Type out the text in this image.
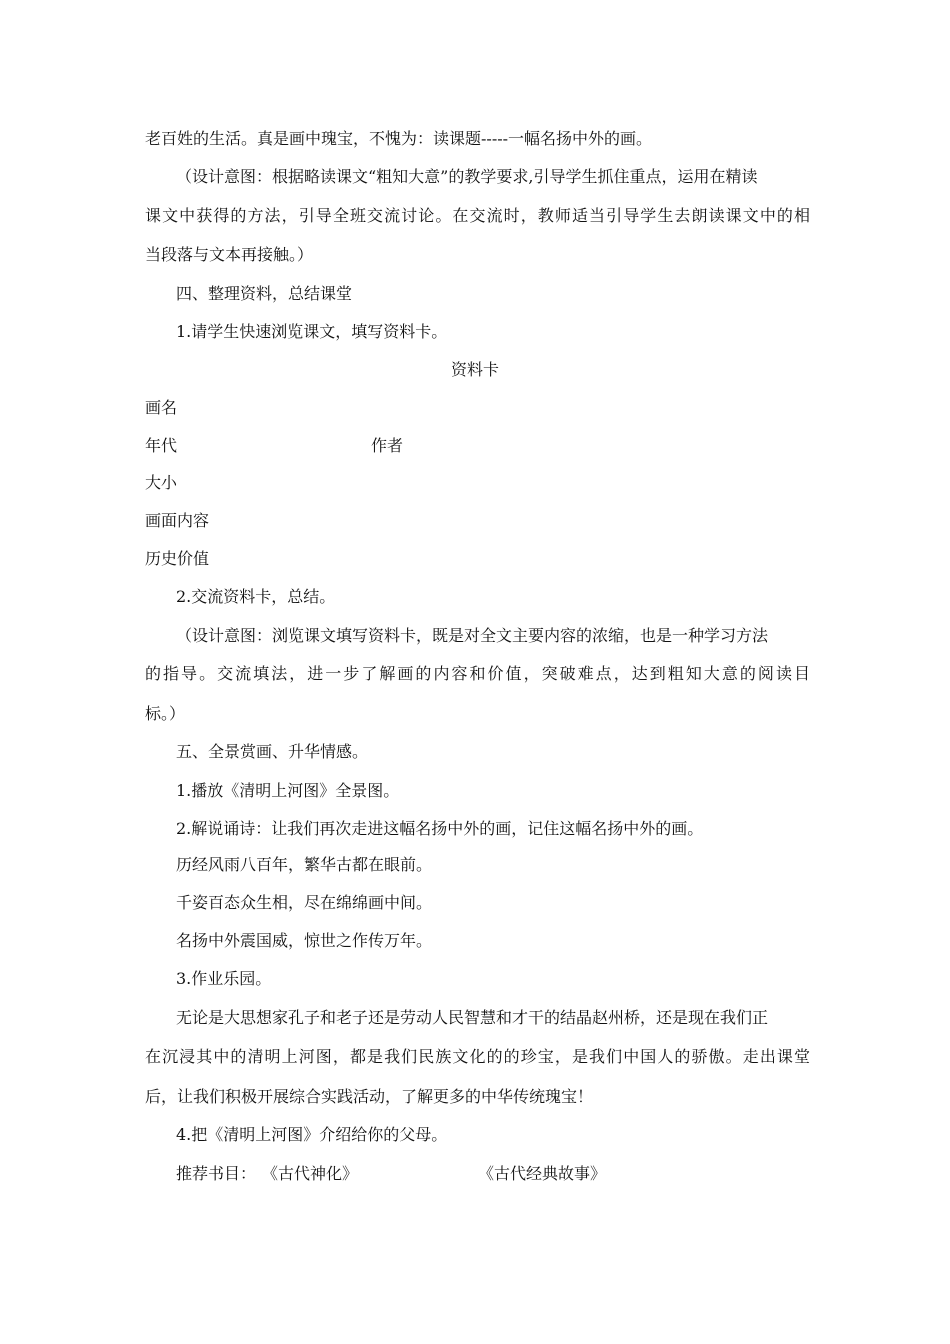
老百姓的生活。真是画中瑰宝，不愧为：读课题-----一幅名扬中外的画。
（设计意图：根据略读课文“粗知大意”的教学要求,引导学生抓住重点，运用在精读
课文中获得的方法，引导全班交流讨论。在交流时，教师适当引导学生去朗读课文中的相
当段落与文本再接触。）
四、整理资料，总结课堂
1.请学生快速浏览课文，填写资料卡。
资料卡
画名
年代	作者
大小
画面内容
历史价值
2.交流资料卡，总结。
（设计意图：浏览课文填写资料卡，既是对全文主要内容的浓缩，也是一种学习方法
的指导。交流填法，进一步了解画的内容和价值，突破难点，达到粗知大意的阅读目
标。）
五、全景赏画、升华情感。
1.播放《清明上河图》全景图。
2.解说诵诗：让我们再次走进这幅名扬中外的画，记住这幅名扬中外的画。
历经风雨八百年，繁华古都在眼前。
千姿百态众生相，尽在绵绵画中间。
名扬中外震国威，惊世之作传万年。
3.作业乐园。
无论是大思想家孔子和老子还是劳动人民智慧和才干的结晶赵州桥，还是现在我们正
在沉浸其中的清明上河图，都是我们民族文化的的珍宝，是我们中国人的骄傲。走出课堂
后，让我们积极开展综合实践活动，了解更多的中华传统瑰宝！
4.把《清明上河图》介绍给你的父母。
推荐书目： 《古代神化》	《古代经典故事》
